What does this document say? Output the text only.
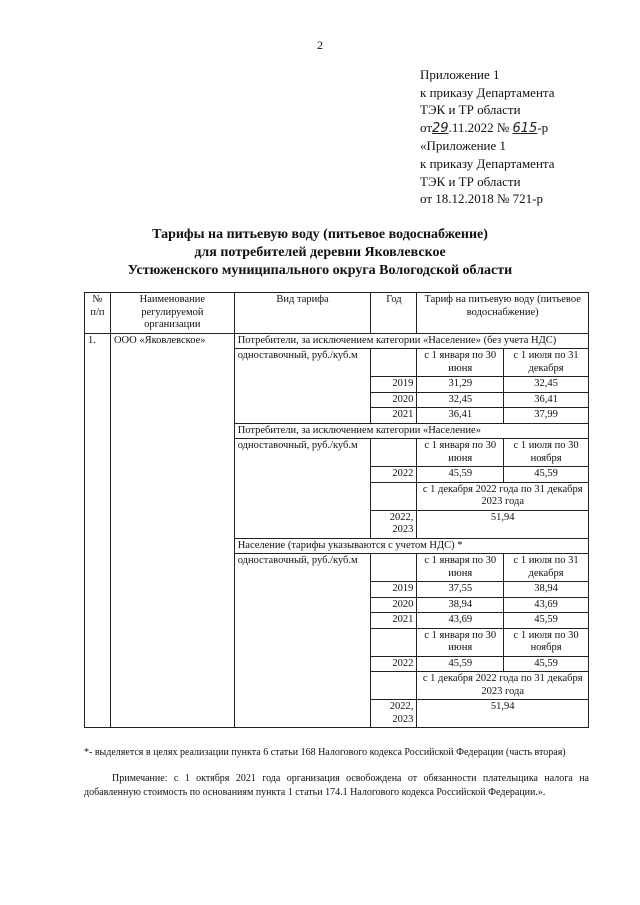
2
Приложение 1
к приказу Департамента
ТЭК и ТР области
от29.11.2022 № 615-р
«Приложение 1
к приказу Департамента
ТЭК и ТР области
от 18.12.2018 № 721-р
Тарифы на питьевую воду (питьевое водоснабжение)
для потребителей деревни Яковлевское
Устюженского муниципального округа Вологодской области
№ п/п	Наименование регулируемой организации	Вид тарифа	Год	Тариф на питьевую воду (питьевое водоснабжение)	
1.	ООО «Яковлевское»	Потребители, за исключением категории «Население» (без учета НДС)			
		одноставочный, руб./куб.м		с 1 января по 30 июня	с 1 июля по 31 декабря
			2019	31,29	32,45
			2020	32,45	36,41
			2021	36,41	37,99
		Потребители, за исключением категории «Население»			
		одноставочный, руб./куб.м		с 1 января по 30 июня	с 1 июля по 30 ноября
			2022	45,59	45,59
				с 1 декабря 2022 года по 31 декабря 2023 года	
			2022, 2023	51,94	
		Население (тарифы указываются с учетом НДС) *			
		одноставочный, руб./куб.м		с 1 января по 30 июня	с 1 июля по 31 декабря
			2019	37,55	38,94
			2020	38,94	43,69
			2021	43,69	45,59
				с 1 января по 30 июня	с 1 июля по 30 ноября
			2022	45,59	45,59
				с 1 декабря 2022 года по 31 декабря 2023 года	
			2022, 2023	51,94	
*- выделяется в целях реализации пункта 6 статьи 168 Налогового кодекса Российской Федерации (часть вторая)
Примечание: с 1 октября 2021 года организация освобождена от обязанности плательщика налога на добавленную стоимость по основаниям пункта 1 статьи 174.1 Налогового кодекса Российской Федерации.».
